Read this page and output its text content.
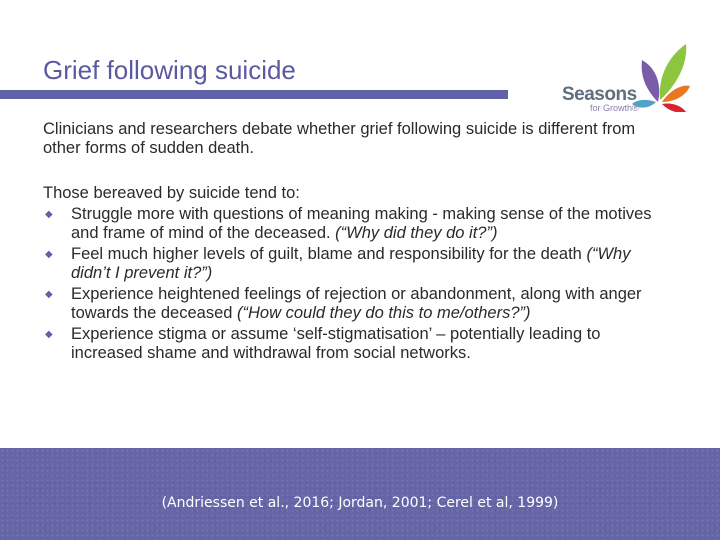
Grief following suicide
Seasons
for Growth®

Clinicians and researchers debate whether grief following suicide is different from other forms of sudden death.

Those bereaved by suicide tend to:

◆ Struggle more with questions of meaning making - making sense of the motives and frame of mind of the deceased. (“Why did they do it?”)
◆ Feel much higher levels of guilt, blame and responsibility for the death (“Why didn’t I prevent it?”)
◆ Experience heightened feelings of rejection or abandonment, along with anger towards the deceased (“How could they do this to me/others?”)
◆ Experience stigma or assume ‘self-stigmatisation’ – potentially leading to increased shame and withdrawal from social networks.
(Andriessen et al., 2016; Jordan, 2001; Cerel et al, 1999)
